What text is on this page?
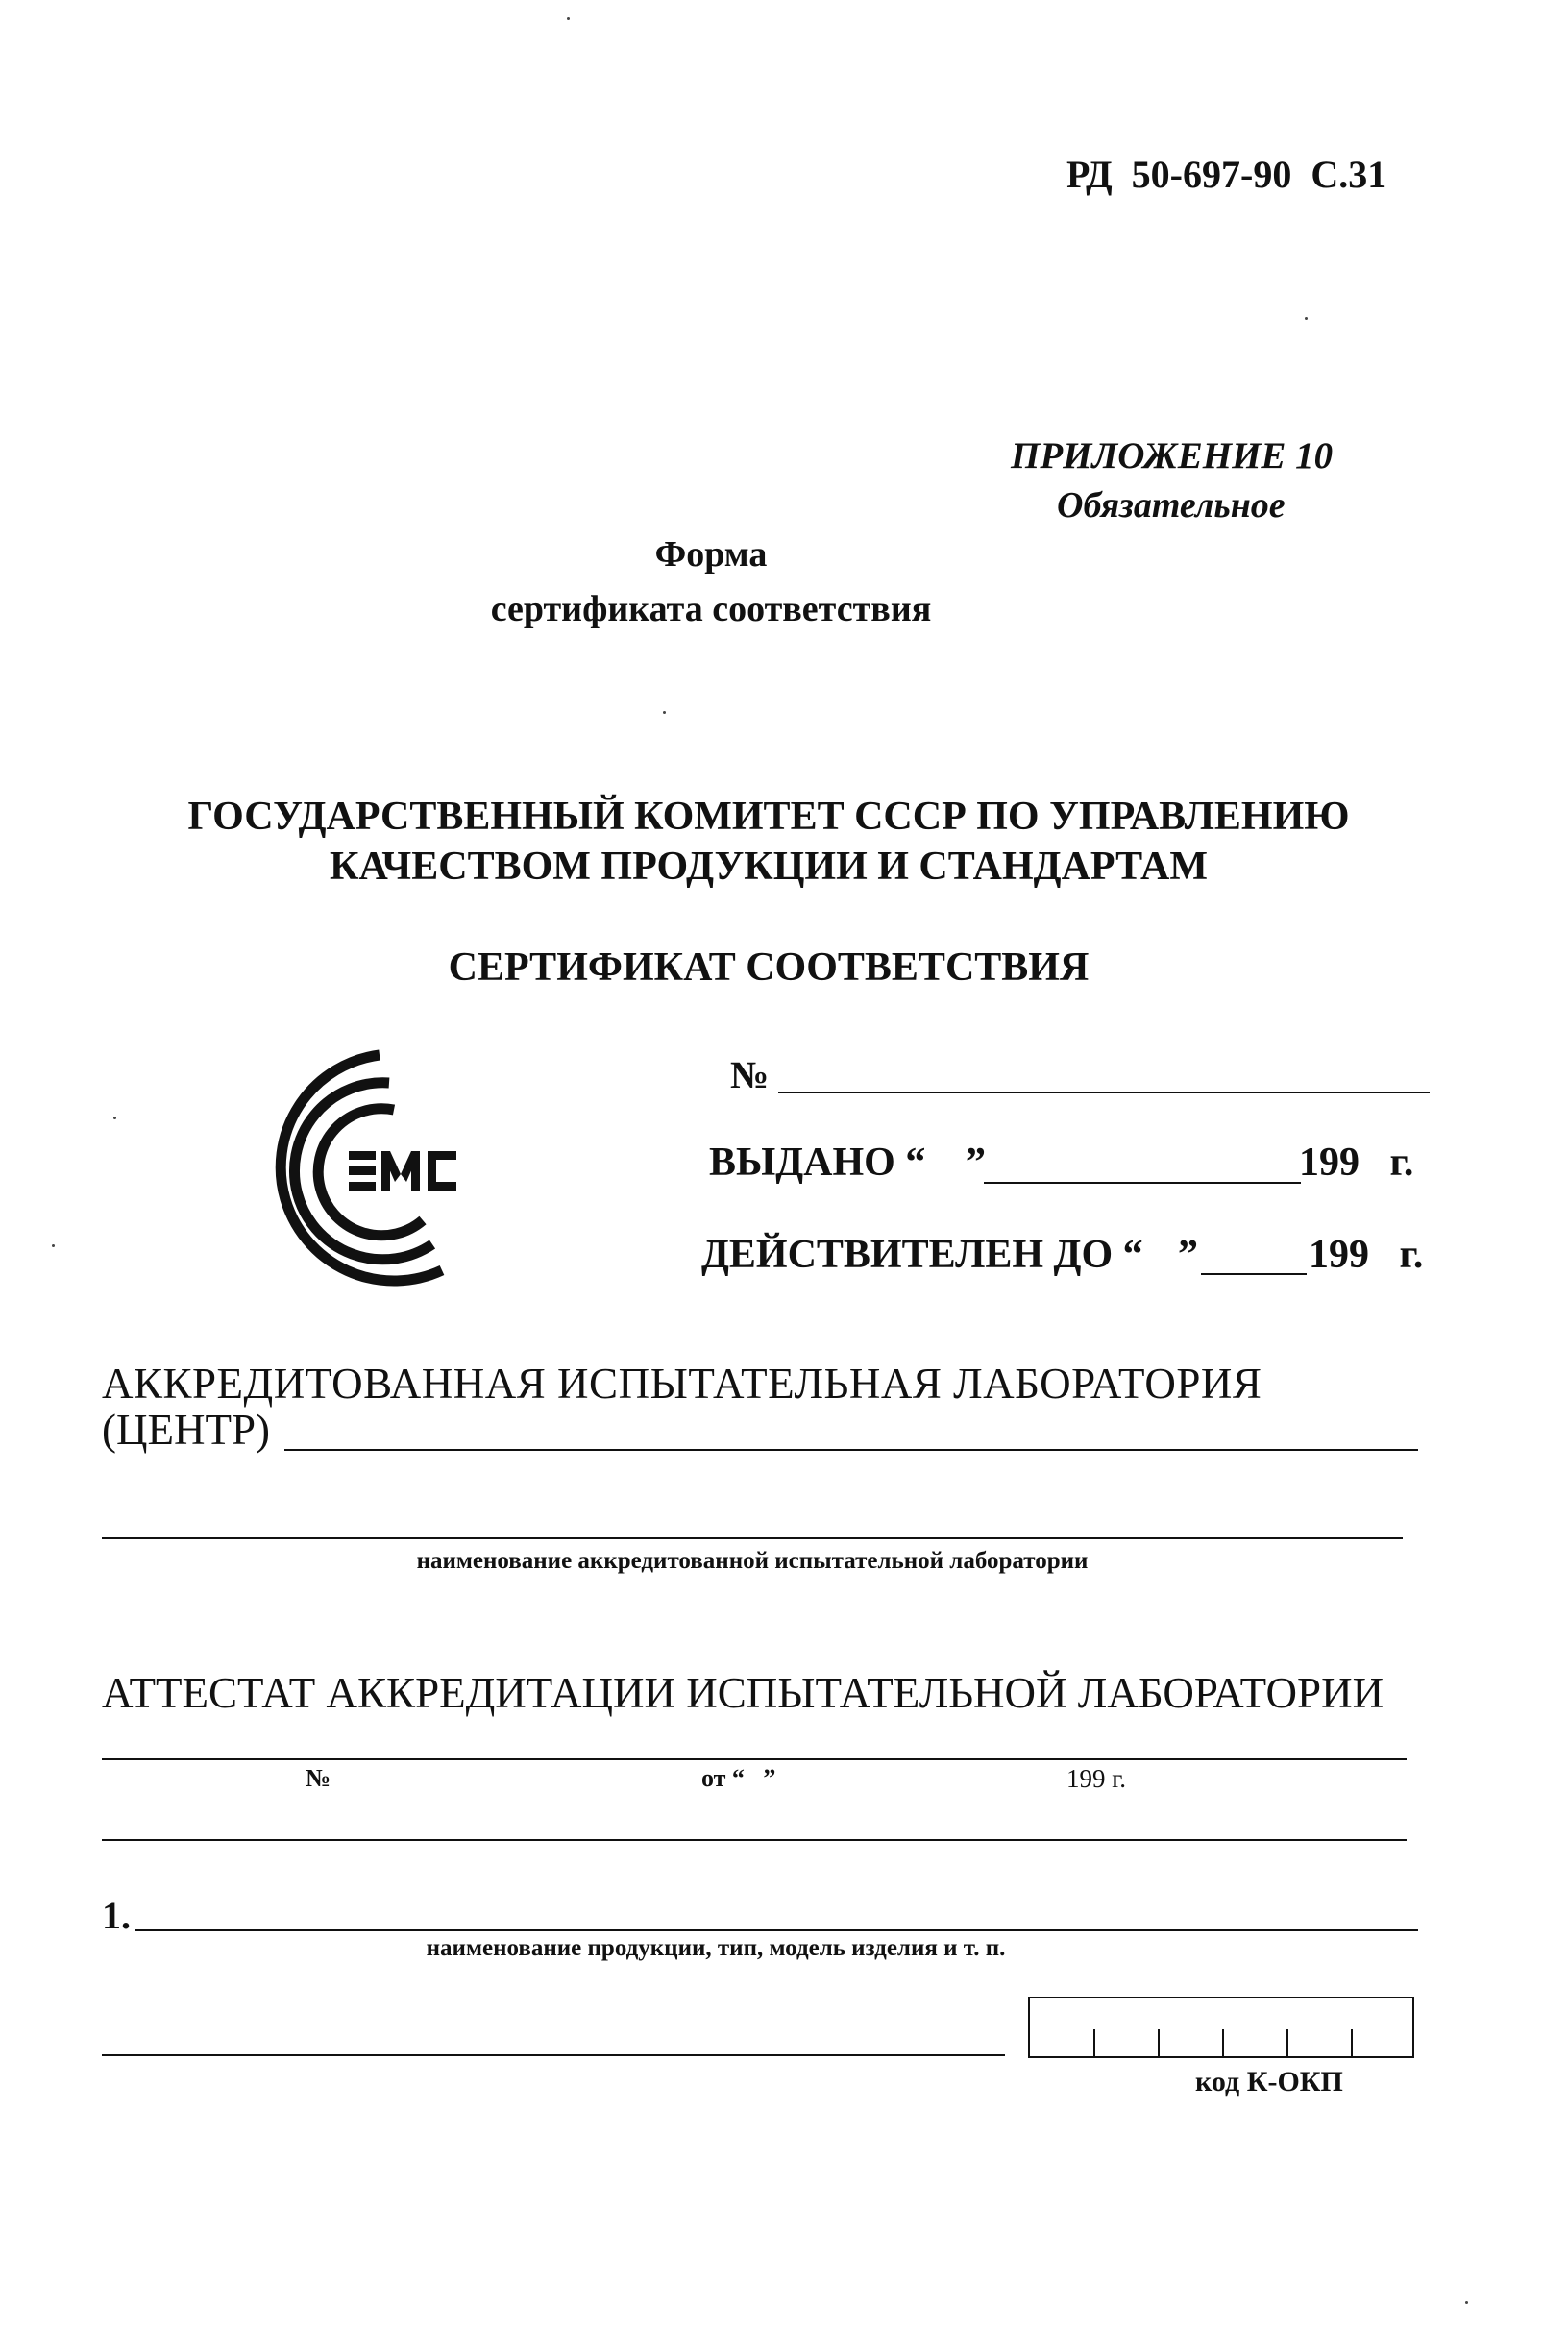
РД  50-697-90  С.31
ПРИЛОЖЕНИЕ 10
Обязательное
Форма
сертификата соответствия
ГОСУДАРСТВЕННЫЙ КОМИТЕТ СССР ПО УПРАВЛЕНИЮ
КАЧЕСТВОМ ПРОДУКЦИИ И СТАНДАРТАМ
СЕРТИФИКАТ СООТВЕТСТВИЯ
№
ВЫДАНО “ ”	199   г.
ДЕЙСТВИТЕЛЕН ДО “ ”	199   г.
АККРЕДИТОВАННАЯ ИСПЫТАТЕЛЬНАЯ ЛАБОРАТОРИЯ
(ЦЕНТР)
наименование аккредитованной испытательной лаборатории
АТТЕСТАТ АККРЕДИТАЦИИ ИСПЫТАТЕЛЬНОЙ ЛАБОРАТОРИИ
№	от “   ”	199 г.
1.
наименование продукции, тип, модель изделия и т. п.
код К-ОКП
